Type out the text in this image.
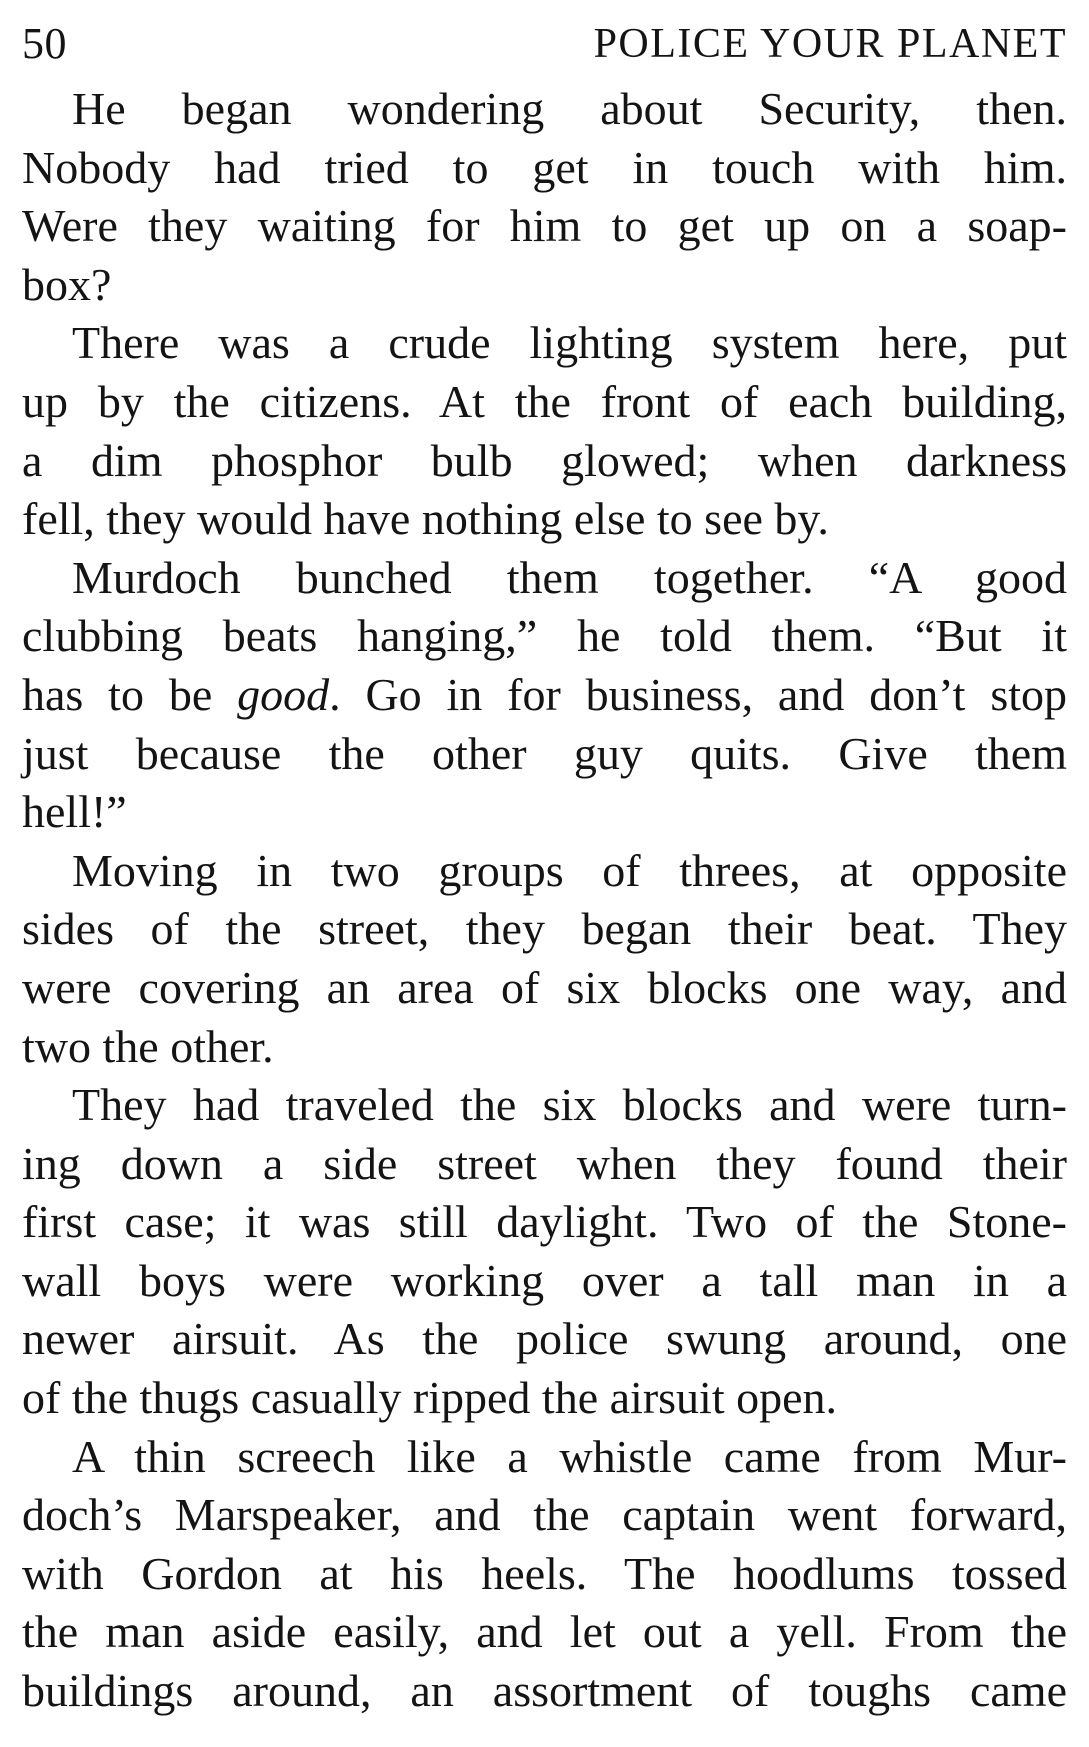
50	POLICE YOUR PLANET
He began wondering about Security, then.
Nobody had tried to get in touch with him.
Were they waiting for him to get up on a soap-
box?
There was a crude lighting system here, put
up by the citizens. At the front of each building,
a dim phosphor bulb glowed; when darkness
fell, they would have nothing else to see by.
Murdoch bunched them together. “A good
clubbing beats hanging,” he told them. “But it
has to be good. Go in for business, and don’t stop
just because the other guy quits. Give them
hell!”
Moving in two groups of threes, at opposite
sides of the street, they began their beat. They
were covering an area of six blocks one way, and
two the other.
They had traveled the six blocks and were turn-
ing down a side street when they found their
first case; it was still daylight. Two of the Stone-
wall boys were working over a tall man in a
newer airsuit. As the police swung around, one
of the thugs casually ripped the airsuit open.
A thin screech like a whistle came from Mur-
doch’s Marspeaker, and the captain went forward,
with Gordon at his heels. The hoodlums tossed
the man aside easily, and let out a yell. From the
buildings around, an assortment of toughs came
